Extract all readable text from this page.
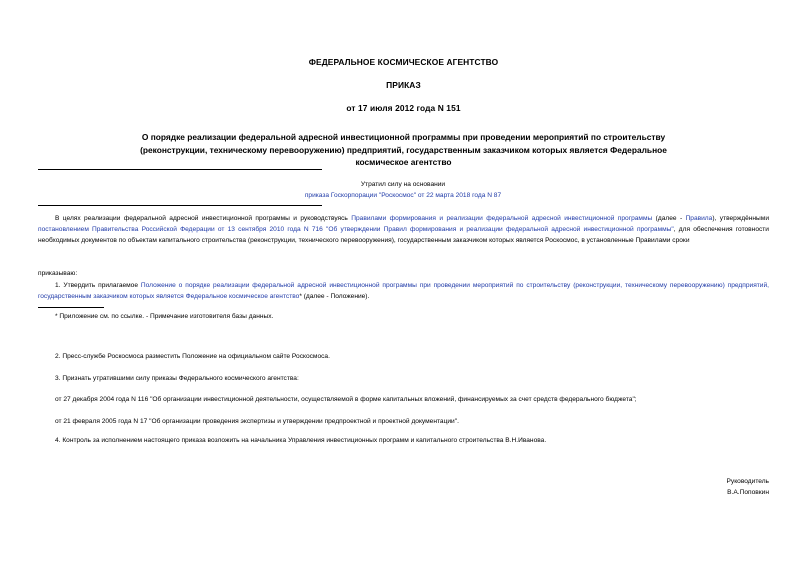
ФЕДЕРАЛЬНОЕ КОСМИЧЕСКОЕ АГЕНТСТВО
ПРИКАЗ
от 17 июля 2012 года N 151
О порядке реализации федеральной адресной инвестиционной программы при проведении мероприятий по строительству (реконструкции, техническому перевооружению) предприятий, государственным заказчиком которых является Федеральное космическое агентство
Утратил силу на основании
приказа Госкорпорации "Роскосмос" от 22 марта 2018 года N 87
В целях реализации федеральной адресной инвестиционной программы и руководствуясь Правилами формирования и реализации федеральной адресной инвестиционной программы (далее - Правила), утверждёнными постановлением Правительства Российской Федерации от 13 сентября 2010 года N 716 "Об утверждении Правил формирования и реализации федеральной адресной инвестиционной программы", для обеспечения готовности необходимых документов по объектам капитального строительства (реконструкции, технического перевооружения), государственным заказчиком которых является Роскосмос, в установленные Правилами сроки
приказываю:
1. Утвердить прилагаемое Положение о порядке реализации федеральной адресной инвестиционной программы при проведении мероприятий по строительству (реконструкции, техническому перевооружению) предприятий, государственным заказчиком которых является Федеральное космическое агентство* (далее - Положение).
* Приложение см. по ссылке. - Примечание изготовителя базы данных.
2. Пресс-службе Роскосмоса разместить Положение на официальном сайте Роскосмоса.
3. Признать утратившими силу приказы Федерального космического агентства:
от 27 декабря 2004 года N 116 "Об организации инвестиционной деятельности, осуществляемой в форме капитальных вложений, финансируемых за счет средств федерального бюджета";
от 21 февраля 2005 года N 17 "Об организации проведения экспертизы и утверждении предпроектной и проектной документации".
4. Контроль за исполнением настоящего приказа возложить на начальника Управления инвестиционных программ и капитального строительства В.Н.Иванова.
Руководитель
В.А.Поповкин
